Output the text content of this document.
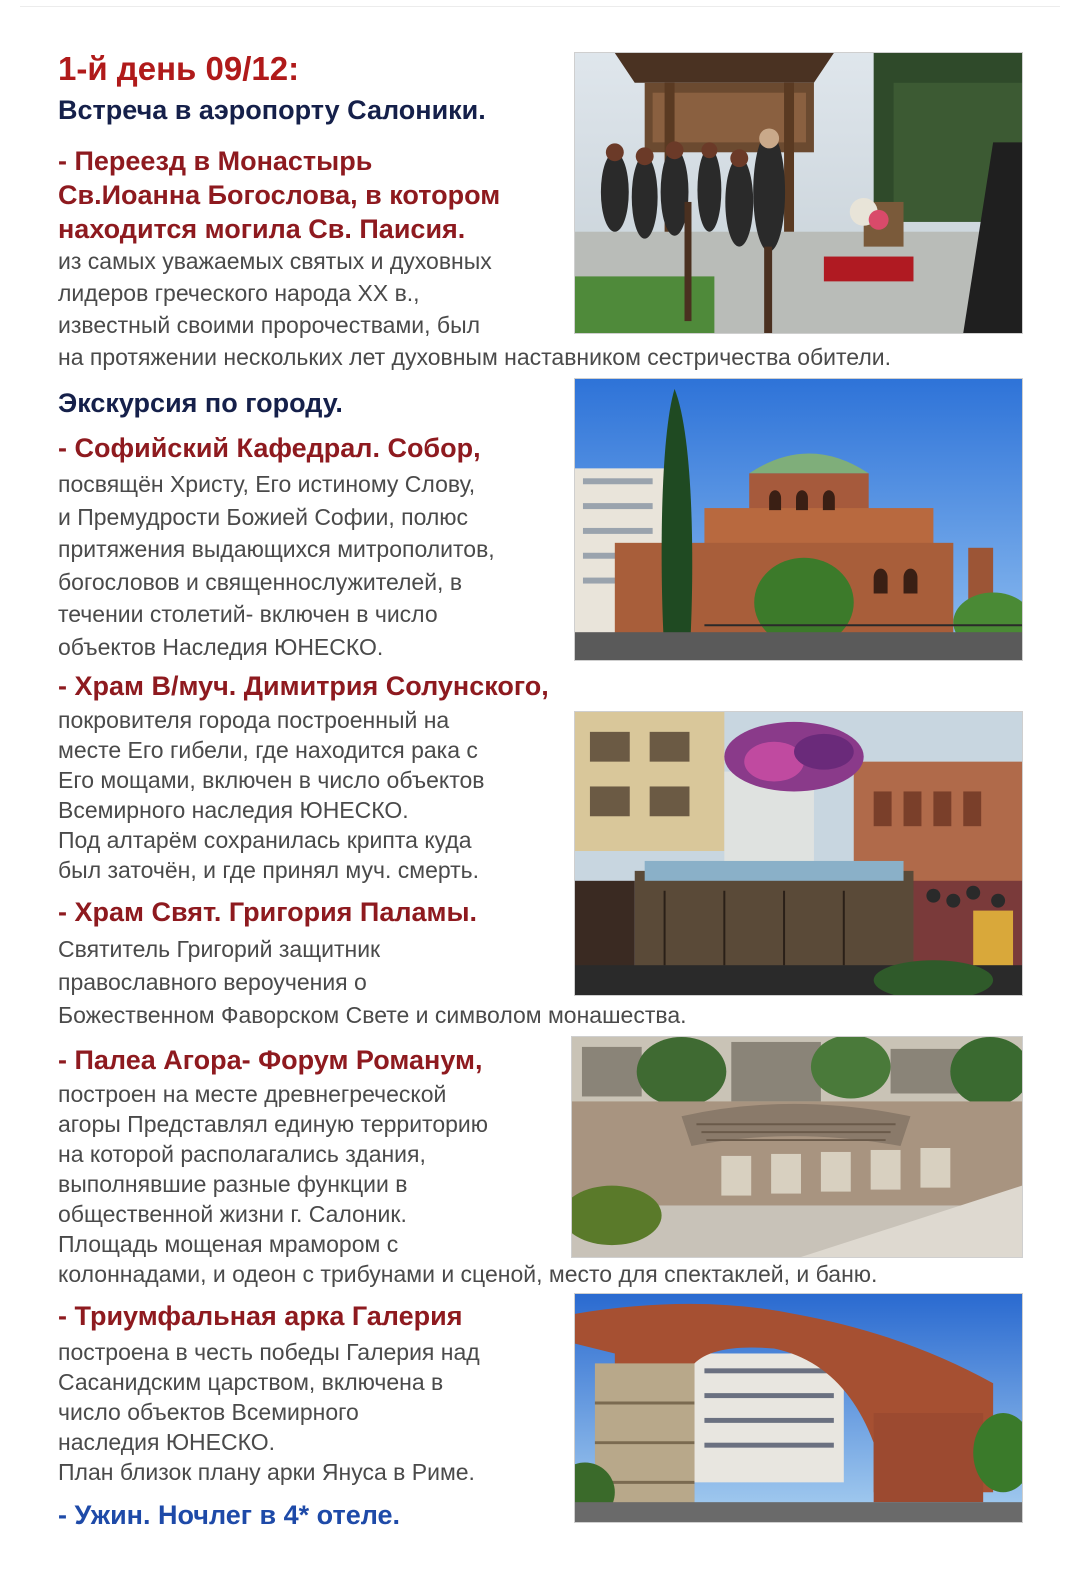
1-й день 09/12:
Встреча в аэропорту Салоники.
- Переезд в Монастырь
Св.Иоанна Богослова, в котором
находится могила Св. Паисия.
из самых уважаемых святых и духовных
лидеров греческого народа XX в.,
известный своими пророчествами, был
на протяжении нескольких лет духовным наставником сестричества обители.
Экскурсия по городу.
- Софийский Кафедрал. Собор,
посвящён Христу, Его истиному Слову,
и Премудрости Божией Софии, полюс
притяжения выдающихся митрополитов,
богословов и священнослужителей, в
течении столетий- включен в число
объектов Наследия ЮНЕСКО.
- Храм В/муч. Димитрия Солунского,
покровителя города построенный на
месте Его гибели, где находится рака с
Его мощами, включен в число объектов
Всемирного наследия ЮНЕСКО.
Под алтарём сохранилась крипта куда
был заточён, и где принял муч. смерть.
- Храм Свят. Григория Паламы.
Святитель Григорий защитник
православного вероучения о
Божественном Фаворском Свете и символом монашества.
- Палеа Агора- Форум Романум,
построен на месте древнегреческой
агоры Представлял единую территорию
на которой располагались здания,
выполнявшие разные функции в
общественной жизни г. Салоник.
Площадь мощеная мрамором с
колоннадами, и одеон с трибунами и сценой, место для спектаклей, и баню.
- Триумфальная арка Галерия
построена в честь победы Галерия над
Сасанидским царством, включена в
число объектов Всемирного
наследия ЮНЕСКО.
План близок плану арки Януса в Риме.
- Ужин. Ночлег в 4* отеле.
